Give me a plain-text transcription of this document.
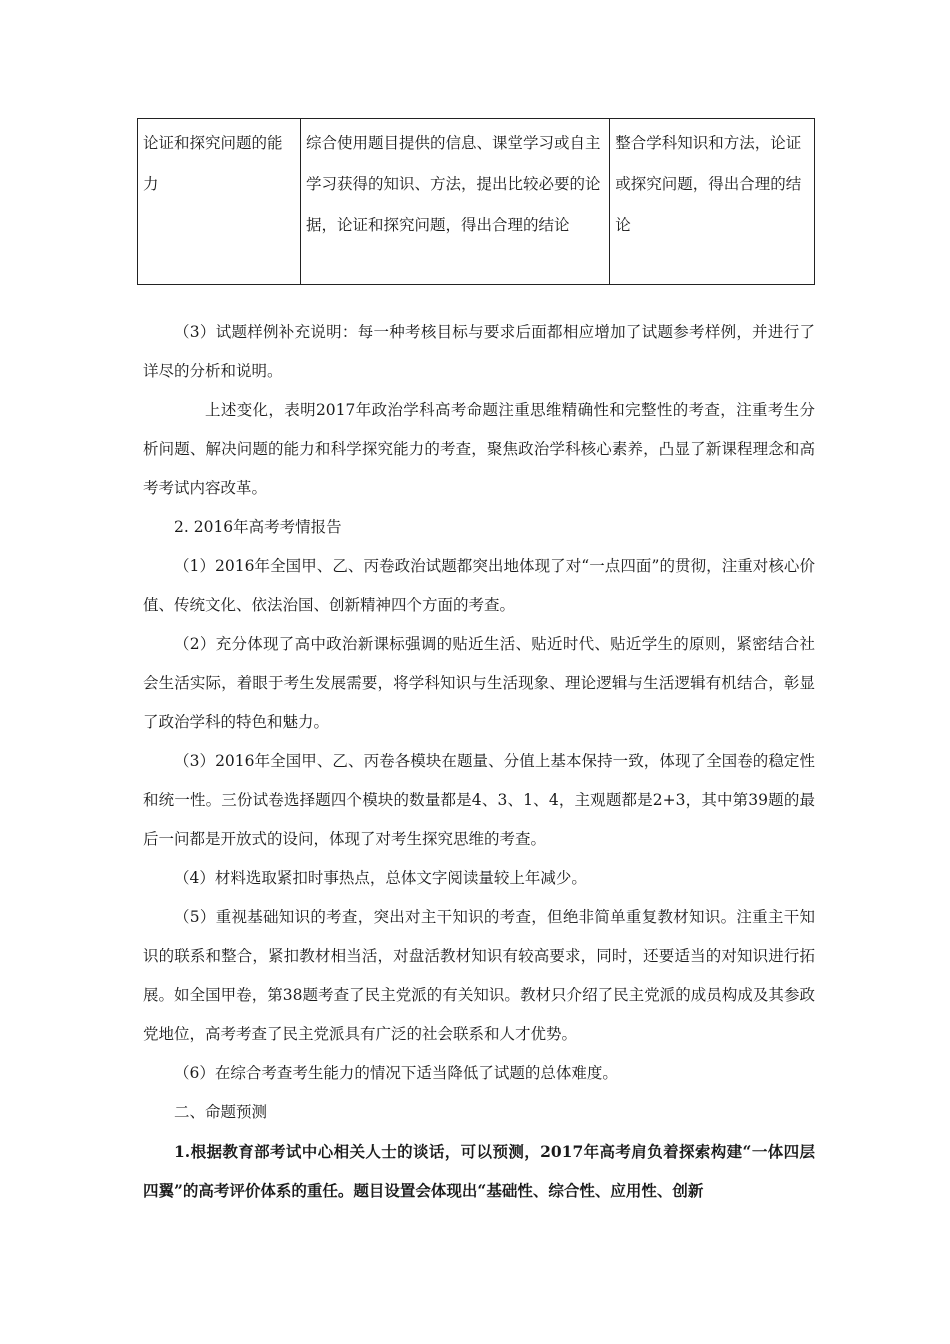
论证和探究问题的能力	综合使用题目提供的信息、课堂学习或自主学习获得的知识、方法，提出比较必要的论据，论证和探究问题，得出合理的结论	整合学科知识和方法，论证或探究问题，得出合理的结论

（3）试题样例补充说明：每一种考核目标与要求后面都相应增加了试题参考样例，并进行了详尽的分析和说明。

上述变化，表明2017年政治学科高考命题注重思维精确性和完整性的考查，注重考生分析问题、解决问题的能力和科学探究能力的考查，聚焦政治学科核心素养，凸显了新课程理念和高考考试内容改革。

2. 2016年高考考情报告

（1）2016年全国甲、乙、丙卷政治试题都突出地体现了对“一点四面”的贯彻，注重对核心价值、传统文化、依法治国、创新精神四个方面的考查。

（2）充分体现了高中政治新课标强调的贴近生活、贴近时代、贴近学生的原则，紧密结合社会生活实际，着眼于考生发展需要，将学科知识与生活现象、理论逻辑与生活逻辑有机结合，彰显了政治学科的特色和魅力。

（3）2016年全国甲、乙、丙卷各模块在题量、分值上基本保持一致，体现了全国卷的稳定性和统一性。三份试卷选择题四个模块的数量都是4、3、1、4，主观题都是2+3，其中第39题的最后一问都是开放式的设问，体现了对考生探究思维的考查。

（4）材料选取紧扣时事热点，总体文字阅读量较上年减少。

（5）重视基础知识的考查，突出对主干知识的考查，但绝非简单重复教材知识。注重主干知识的联系和整合，紧扣教材相当活，对盘活教材知识有较高要求，同时，还要适当的对知识进行拓展。如全国甲卷，第38题考查了民主党派的有关知识。教材只介绍了民主党派的成员构成及其参政党地位，高考考查了民主党派具有广泛的社会联系和人才优势。

（6）在综合考查考生能力的情况下适当降低了试题的总体难度。

二、命题预测

1.根据教育部考试中心相关人士的谈话，可以预测，2017年高考肩负着探索构建“一体四层四翼”的高考评价体系的重任。题目设置会体现出“基础性、综合性、应用性、创新
